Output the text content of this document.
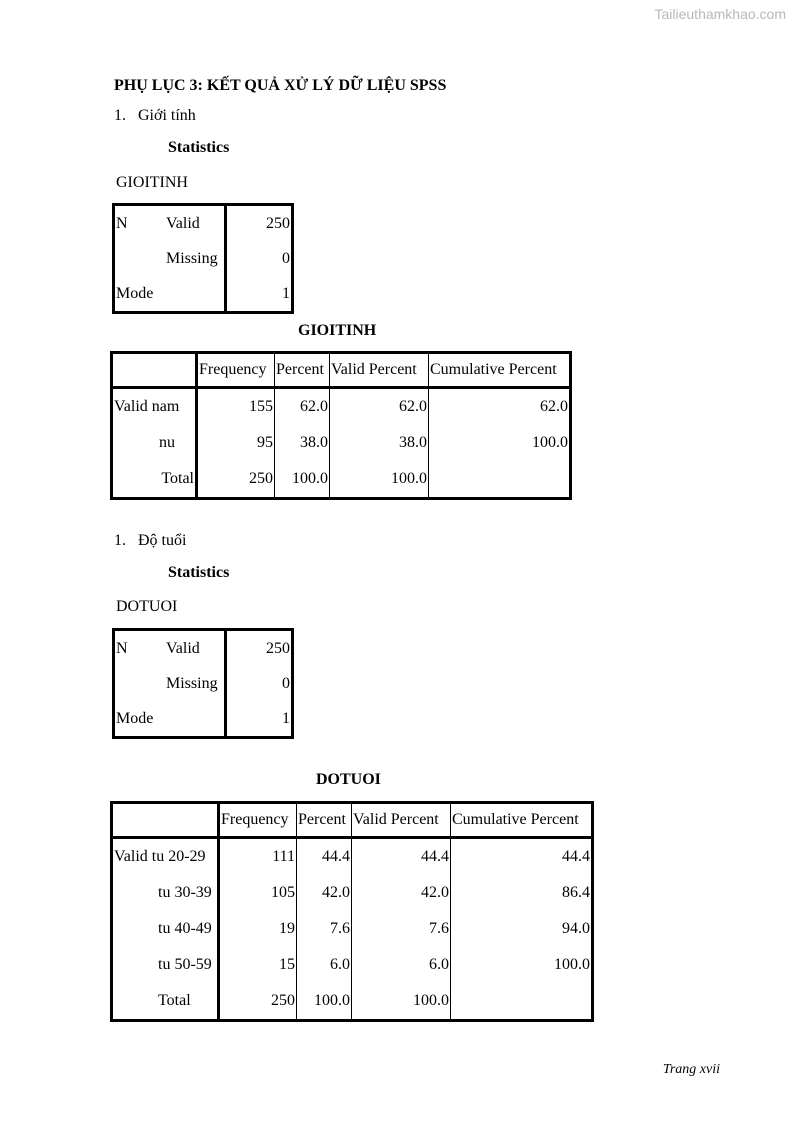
Tailieuthamkhao.com
PHỤ LỤC 3: KẾT QUẢ XỬ LÝ DỮ LIỆU SPSS
1. Giới tính
Statistics
GIOITINH
N	Valid	250
	Missing	0
Mode		1
GIOITINH
	Frequency	Percent	Valid Percent	Cumulative Percent
Valid nam	155	62.0	62.0	62.0
nu	95	38.0	38.0	100.0
Total	250	100.0	100.0	
1. Độ tuổi
Statistics
DOTUOI
N	Valid	250
	Missing	0
Mode		1
DOTUOI
	Frequency	Percent	Valid Percent	Cumulative Percent
Valid tu 20-29	111	44.4	44.4	44.4
tu 30-39	105	42.0	42.0	86.4
tu 40-49	19	7.6	7.6	94.0
tu 50-59	15	6.0	6.0	100.0
Total	250	100.0	100.0	
Trang xvii
